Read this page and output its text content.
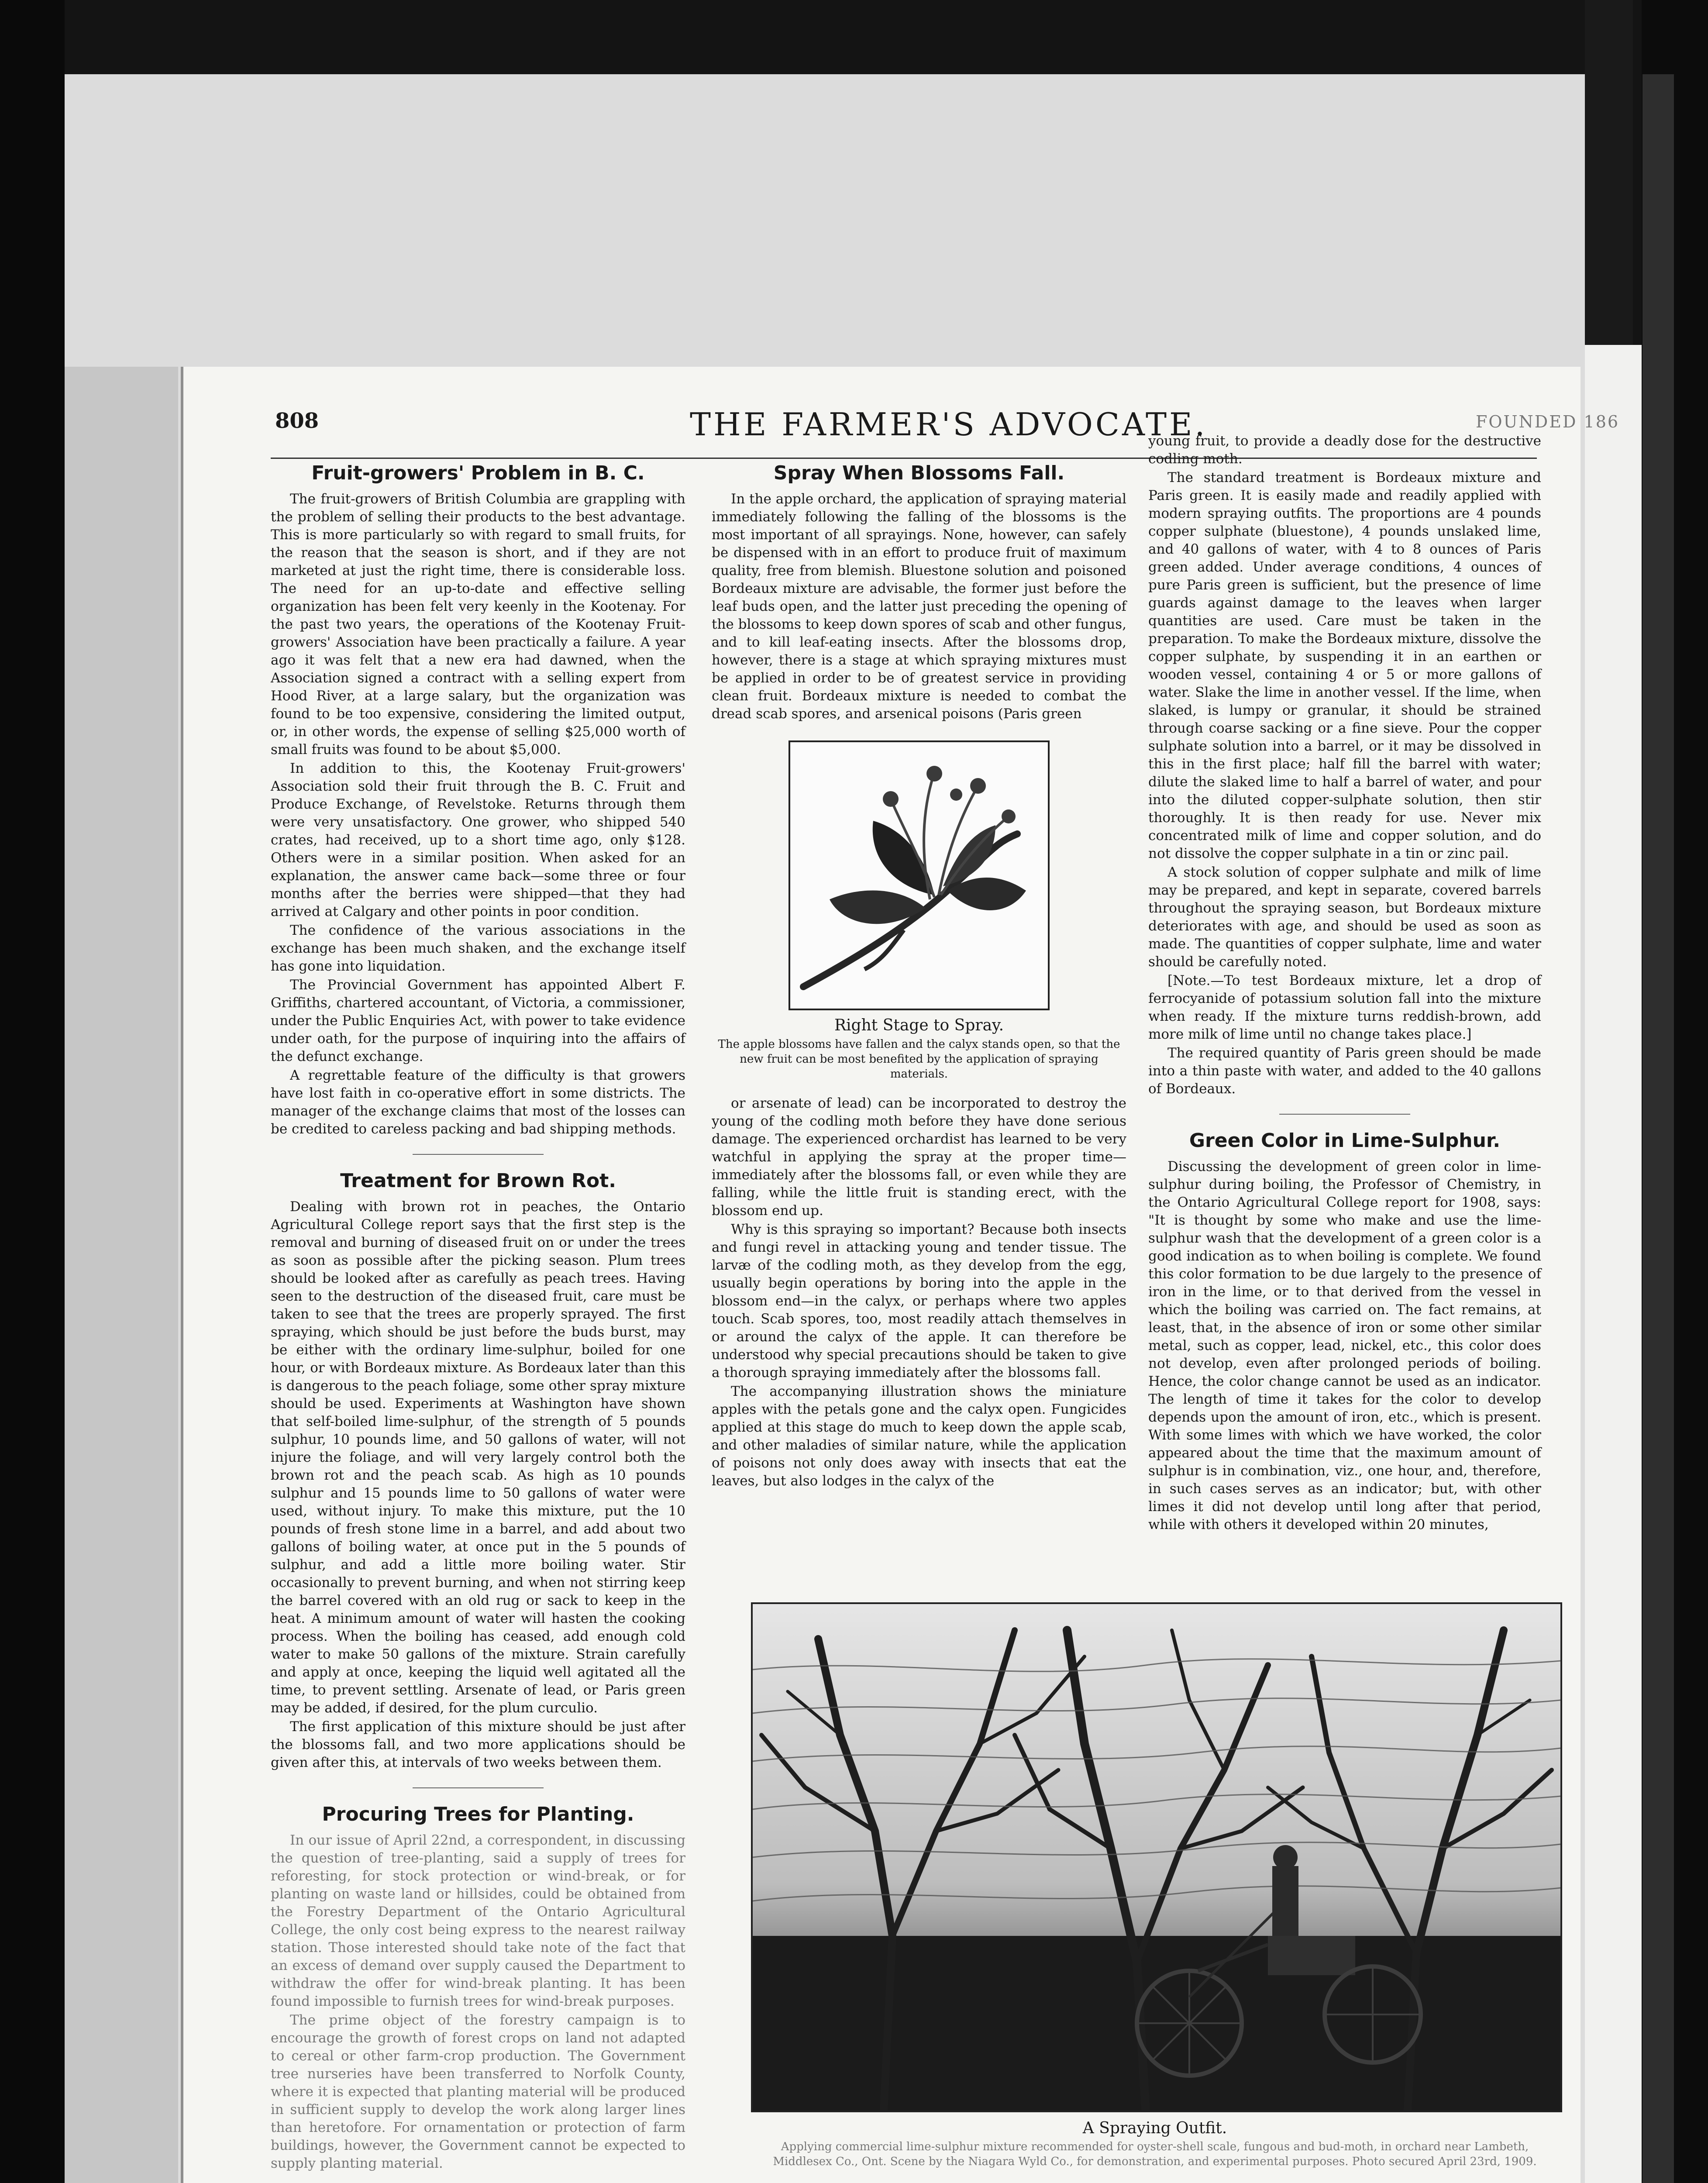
808	THE FARMER'S ADVOCATE.	FOUNDED 186
Fruit-growers' Problem in B. C.

The fruit-growers of British Columbia are grappling with the problem of selling their products to the best advantage. This is more particularly so with regard to small fruits, for the reason that the season is short, and if they are not marketed at just the right time, there is considerable loss. The need for an up-to-date and effective selling organization has been felt very keenly in the Kootenay. For the past two years, the operations of the Kootenay Fruit-growers' Association have been practically a failure. A year ago it was felt that a new era had dawned, when the Association signed a contract with a selling expert from Hood River, at a large salary, but the organization was found to be too expensive, considering the limited output, or, in other words, the expense of selling $25,000 worth of small fruits was found to be about $5,000.

In addition to this, the Kootenay Fruit-growers' Association sold their fruit through the B. C. Fruit and Produce Exchange, of Revelstoke. Returns through them were very unsatisfactory. One grower, who shipped 540 crates, had received, up to a short time ago, only $128. Others were in a similar position. When asked for an explanation, the answer came back—some three or four months after the berries were shipped—that they had arrived at Calgary and other points in poor condition.

The confidence of the various associations in the exchange has been much shaken, and the exchange itself has gone into liquidation.

The Provincial Government has appointed Albert F. Griffiths, chartered accountant, of Victoria, a commissioner, under the Public Enquiries Act, with power to take evidence under oath, for the purpose of inquiring into the affairs of the defunct exchange.

A regrettable feature of the difficulty is that growers have lost faith in co-operative effort in some districts. The manager of the exchange claims that most of the losses can be credited to careless packing and bad shipping methods.

Treatment for Brown Rot.

Dealing with brown rot in peaches, the Ontario Agricultural College report says that the first step is the removal and burning of diseased fruit on or under the trees as soon as possible after the picking season. Plum trees should be looked after as carefully as peach trees. Having seen to the destruction of the diseased fruit, care must be taken to see that the trees are properly sprayed. The first spraying, which should be just before the buds burst, may be either with the ordinary lime-sulphur, boiled for one hour, or with Bordeaux mixture. As Bordeaux later than this is dangerous to the peach foliage, some other spray mixture should be used. Experiments at Washington have shown that self-boiled lime-sulphur, of the strength of 5 pounds sulphur, 10 pounds lime, and 50 gallons of water, will not injure the foliage, and will very largely control both the brown rot and the peach scab. As high as 10 pounds sulphur and 15 pounds lime to 50 gallons of water were used, without injury. To make this mixture, put the 10 pounds of fresh stone lime in a barrel, and add about two gallons of boiling water, at once put in the 5 pounds of sulphur, and add a little more boiling water. Stir occasionally to prevent burning, and when not stirring keep the barrel covered with an old rug or sack to keep in the heat. A minimum amount of water will hasten the cooking process. When the boiling has ceased, add enough cold water to make 50 gallons of the mixture. Strain carefully and apply at once, keeping the liquid well agitated all the time, to prevent settling. Arsenate of lead, or Paris green may be added, if desired, for the plum curculio.

The first application of this mixture should be just after the blossoms fall, and two more applications should be given after this, at intervals of two weeks between them.

Procuring Trees for Planting.

In our issue of April 22nd, a correspondent, in discussing the question of tree-planting, said a supply of trees for reforesting, for stock protection or wind-break, or for planting on waste land or hillsides, could be obtained from the Forestry Department of the Ontario Agricultural College, the only cost being express to the nearest railway station. Those interested should take note of the fact that an excess of demand over supply caused the Department to withdraw the offer for wind-break planting. It has been found impossible to furnish trees for wind-break purposes.

The prime object of the forestry campaign is to encourage the growth of forest crops on land not adapted to cereal or other farm-crop production. The Government tree nurseries have been transferred to Norfolk County, where it is expected that planting material will be produced in sufficient supply to develop the work along larger lines than heretofore. For ornamentation or protection of farm buildings, however, the Government cannot be expected to supply planting material.

Spray When Blossoms Fall.

In the apple orchard, the application of spraying material immediately following the falling of the blossoms is the most important of all sprayings. None, however, can safely be dispensed with in an effort to produce fruit of maximum quality, free from blemish. Bluestone solution and poisoned Bordeaux mixture are advisable, the former just before the leaf buds open, and the latter just preceding the opening of the blossoms to keep down spores of scab and other fungus, and to kill leaf-eating insects. After the blossoms drop, however, there is a stage at which spraying mixtures must be applied in order to be of greatest service in providing clean fruit. Bordeaux mixture is needed to combat the dread scab spores, and arsenical poisons (Paris green

Right Stage to Spray.
The apple blossoms have fallen and the calyx stands open, so that the new fruit can be most benefited by the application of spraying materials.

or arsenate of lead) can be incorporated to destroy the young of the codling moth before they have done serious damage. The experienced orchardist has learned to be very watchful in applying the spray at the proper time—immediately after the blossoms fall, or even while they are falling, while the little fruit is standing erect, with the blossom end up.

Why is this spraying so important? Because both insects and fungi revel in attacking young and tender tissue. The larvæ of the codling moth, as they develop from the egg, usually begin operations by boring into the apple in the blossom end—in the calyx, or perhaps where two apples touch. Scab spores, too, most readily attach themselves in or around the calyx of the apple. It can therefore be understood why special precautions should be taken to give a thorough spraying immediately after the blossoms fall.

The accompanying illustration shows the miniature apples with the petals gone and the calyx open. Fungicides applied at this stage do much to keep down the apple scab, and other maladies of similar nature, while the application of poisons not only does away with insects that eat the leaves, but also lodges in the calyx of the

young fruit, to provide a deadly dose for the destructive codling moth.

The standard treatment is Bordeaux mixture and Paris green. It is easily made and readily applied with modern spraying outfits. The proportions are 4 pounds copper sulphate (bluestone), 4 pounds unslaked lime, and 40 gallons of water, with 4 to 8 ounces of Paris green added. Under average conditions, 4 ounces of pure Paris green is sufficient, but the presence of lime guards against damage to the leaves when larger quantities are used. Care must be taken in the preparation. To make the Bordeaux mixture, dissolve the copper sulphate, by suspending it in an earthen or wooden vessel, containing 4 or 5 or more gallons of water. Slake the lime in another vessel. If the lime, when slaked, is lumpy or granular, it should be strained through coarse sacking or a fine sieve. Pour the copper sulphate solution into a barrel, or it may be dissolved in this in the first place; half fill the barrel with water; dilute the slaked lime to half a barrel of water, and pour into the diluted copper-sulphate solution, then stir thoroughly. It is then ready for use. Never mix concentrated milk of lime and copper solution, and do not dissolve the copper sulphate in a tin or zinc pail.

A stock solution of copper sulphate and milk of lime may be prepared, and kept in separate, covered barrels throughout the spraying season, but Bordeaux mixture deteriorates with age, and should be used as soon as made. The quantities of copper sulphate, lime and water should be carefully noted.

[Note.—To test Bordeaux mixture, let a drop of ferrocyanide of potassium solution fall into the mixture when ready. If the mixture turns reddish-brown, add more milk of lime until no change takes place.]

The required quantity of Paris green should be made into a thin paste with water, and added to the 40 gallons of Bordeaux.

Green Color in Lime-Sulphur.

Discussing the development of green color in lime-sulphur during boiling, the Professor of Chemistry, in the Ontario Agricultural College report for 1908, says: "It is thought by some who make and use the lime-sulphur wash that the development of a green color is a good indication as to when boiling is complete. We found this color formation to be due largely to the presence of iron in the lime, or to that derived from the vessel in which the boiling was carried on. The fact remains, at least, that, in the absence of iron or some other similar metal, such as copper, lead, nickel, etc., this color does not develop, even after prolonged periods of boiling. Hence, the color change cannot be used as an indicator. The length of time it takes for the color to develop depends upon the amount of iron, etc., which is present. With some limes with which we have worked, the color appeared about the time that the maximum amount of sulphur is in combination, viz., one hour, and, therefore, in such cases serves as an indicator; but, with other limes it did not develop until long after that period, while with others it developed within 20 minutes,

A Spraying Outfit.
Applying commercial lime-sulphur mixture recommended for oyster-shell scale, fungous and bud-moth, in orchard near Lambeth, Middlesex Co., Ont. Scene by the Niagara Wyld Co., for demonstration, and experimental purposes. Photo secured April 23rd, 1909.
